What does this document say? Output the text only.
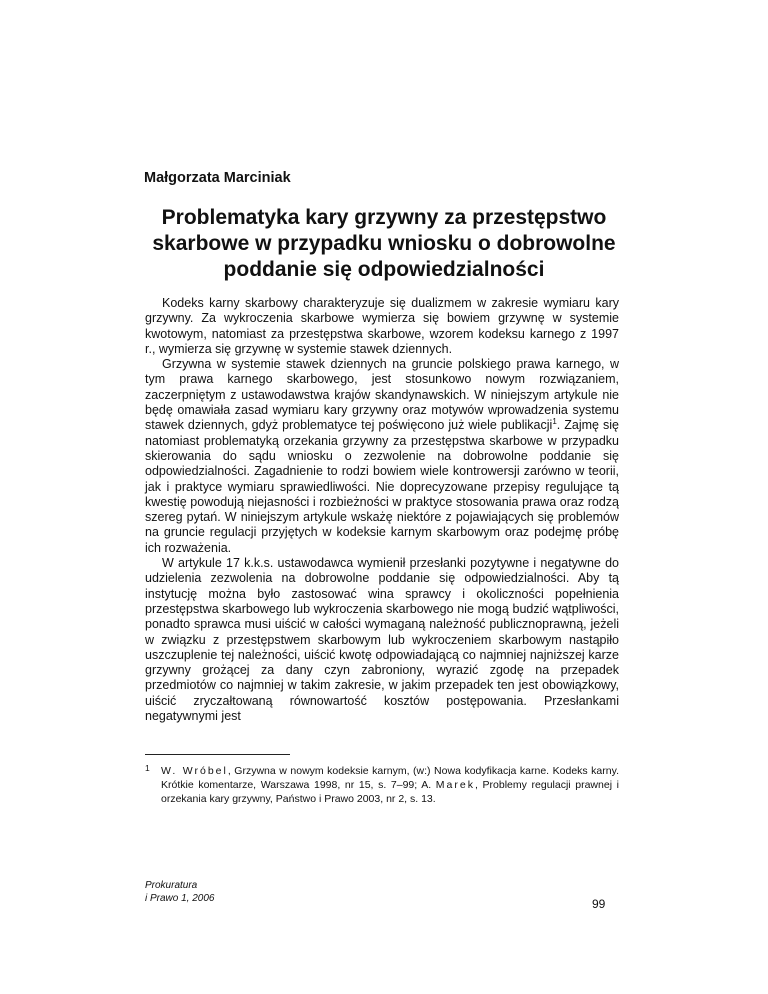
Małgorzata Marciniak
Problematyka kary grzywny za przestępstwo
skarbowe w przypadku wniosku o dobrowolne
poddanie się odpowiedzialności

Kodeks karny skarbowy charakteryzuje się dualizmem w zakresie wymiaru kary grzywny. Za wykroczenia skarbowe wymierza się bowiem grzywnę w systemie kwotowym, natomiast za przestępstwa skarbowe, wzorem kodeksu karnego z 1997 r., wymierza się grzywnę w systemie stawek dziennych.

Grzywna w systemie stawek dziennych na gruncie polskiego prawa karnego, w tym prawa karnego skarbowego, jest stosunkowo nowym rozwiązaniem, zaczerpniętym z ustawodawstwa krajów skandynawskich. W niniejszym artykule nie będę omawiała zasad wymiaru kary grzywny oraz motywów wprowadzenia systemu stawek dziennych, gdyż problematyce tej poświęcono już wiele publikacji$^1$. Zajmę się natomiast problematyką orzekania grzywny za przestępstwa skarbowe w przypadku skierowania do sądu wniosku o zezwolenie na dobrowolne poddanie się odpowiedzialności. Zagadnienie to rodzi bowiem wiele kontrowersji zarówno w teorii, jak i praktyce wymiaru sprawiedliwości. Nie doprecyzowane przepisy regulujące tą kwestię powodują niejasności i rozbieżności w praktyce stosowania prawa oraz rodzą szereg pytań. W niniejszym artykule wskażę niektóre z pojawiających się problemów na gruncie regulacji przyjętych w kodeksie karnym skarbowym oraz podejmę próbę ich rozważenia.

W artykule 17 k.k.s. ustawodawca wymienił przesłanki pozytywne i negatywne do udzielenia zezwolenia na dobrowolne poddanie się odpowiedzialności. Aby tą instytucję można było zastosować wina sprawcy i okoliczności popełnienia przestępstwa skarbowego lub wykroczenia skarbowego nie mogą budzić wątpliwości, ponadto sprawca musi uiścić w całości wymaganą należność publicznoprawną, jeżeli w związku z przestępstwem skarbowym lub wykroczeniem skarbowym nastąpiło uszczuplenie tej należności, uiścić kwotę odpowiadającą co najmniej najniższej karze grzywny grożącej za dany czyn zabroniony, wyrazić zgodę na przepadek przedmiotów co najmniej w takim zakresie, w jakim przepadek ten jest obowiązkowy, uiścić zryczałtowaną równowartość kosztów postępowania. Przesłankami negatywnymi jest

1 W. Wróbel, Grzywna w nowym kodeksie karnym, (w:) Nowa kodyfikacja karne. Kodeks karny. Krótkie komentarze, Warszawa 1998, nr 15, s. 7–99; A. Marek, Problemy regulacji prawnej i orzekania kary grzywny, Państwo i Prawo 2003, nr 2, s. 13.
Prokuratura
i Prawo 1, 2006	99
